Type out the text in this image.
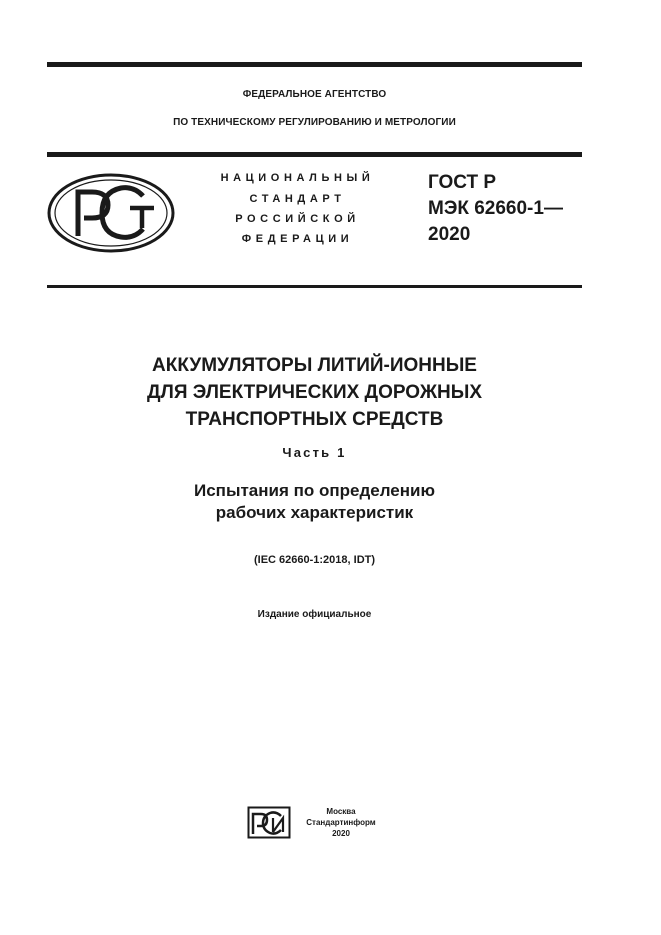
ФЕДЕРАЛЬНОЕ АГЕНТСТВО
ПО ТЕХНИЧЕСКОМУ РЕГУЛИРОВАНИЮ И МЕТРОЛОГИИ
НАЦИОНАЛЬНЫЙ
СТАНДАРТ
РОССИЙСКОЙ
ФЕДЕРАЦИИ
ГОСТ Р
МЭК 62660-1—
2020
АККУМУЛЯТОРЫ ЛИТИЙ-ИОННЫЕ
ДЛЯ ЭЛЕКТРИЧЕСКИХ ДОРОЖНЫХ
ТРАНСПОРТНЫХ СРЕДСТВ
Часть 1
Испытания по определению
рабочих характеристик
(IEC 62660-1:2018, IDT)
Издание официальное
Москва
Стандартинформ
2020
